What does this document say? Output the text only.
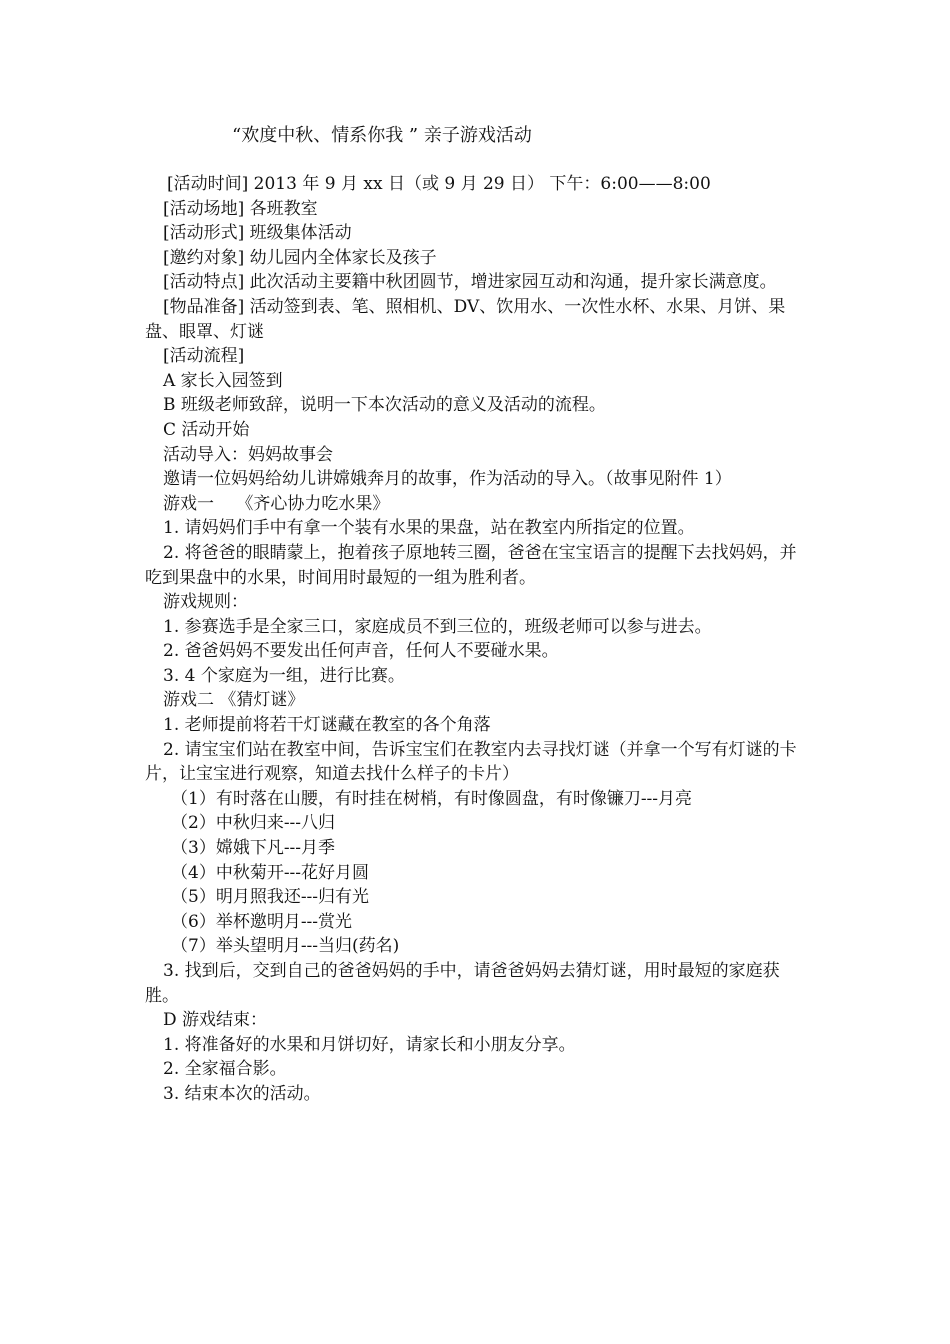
“欢度中秋、情系你我 ” 亲子游戏活动

[活动时间] 2013 年 9 月 xx 日（或 9 月 29 日） 下午：6:00——8:00

[活动场地] 各班教室

[活动形式] 班级集体活动

[邀约对象] 幼儿园内全体家长及孩子

[活动特点] 此次活动主要籍中秋团圆节，增进家园互动和沟通，提升家长满意度。

[物品准备] 活动签到表、笔、照相机、DV、饮用水、一次性水杯、水果、月饼、果盘、眼罩、灯谜

[活动流程]

A 家长入园签到

B 班级老师致辞，说明一下本次活动的意义及活动的流程。

C 活动开始

活动导入：妈妈故事会

邀请一位妈妈给幼儿讲嫦娥奔月的故事，作为活动的导入。（故事见附件 1）

游戏一　 《齐心协力吃水果》

1. 请妈妈们手中有拿一个装有水果的果盘，站在教室内所指定的位置。

2. 将爸爸的眼睛蒙上，抱着孩子原地转三圈，爸爸在宝宝语言的提醒下去找妈妈，并吃到果盘中的水果，时间用时最短的一组为胜利者。

游戏规则：

1. 参赛选手是全家三口，家庭成员不到三位的，班级老师可以参与进去。

2. 爸爸妈妈不要发出任何声音，任何人不要碰水果。

3. 4 个家庭为一组，进行比赛。

游戏二 《猜灯谜》

1. 老师提前将若干灯谜藏在教室的各个角落

2. 请宝宝们站在教室中间，告诉宝宝们在教室内去寻找灯谜（并拿一个写有灯谜的卡片，让宝宝进行观察，知道去找什么样子的卡片）

（1）有时落在山腰，有时挂在树梢，有时像圆盘，有时像镰刀---月亮

（2）中秋归来---八归

（3）嫦娥下凡---月季

（4）中秋菊开---花好月圆

（5）明月照我还---归有光

（6）举杯邀明月---赏光

（7）举头望明月---当归(药名)

3. 找到后，交到自己的爸爸妈妈的手中，请爸爸妈妈去猜灯谜，用时最短的家庭获胜。

D 游戏结束：

1. 将准备好的水果和月饼切好，请家长和小朋友分享。

2. 全家福合影。

3. 结束本次的活动。
